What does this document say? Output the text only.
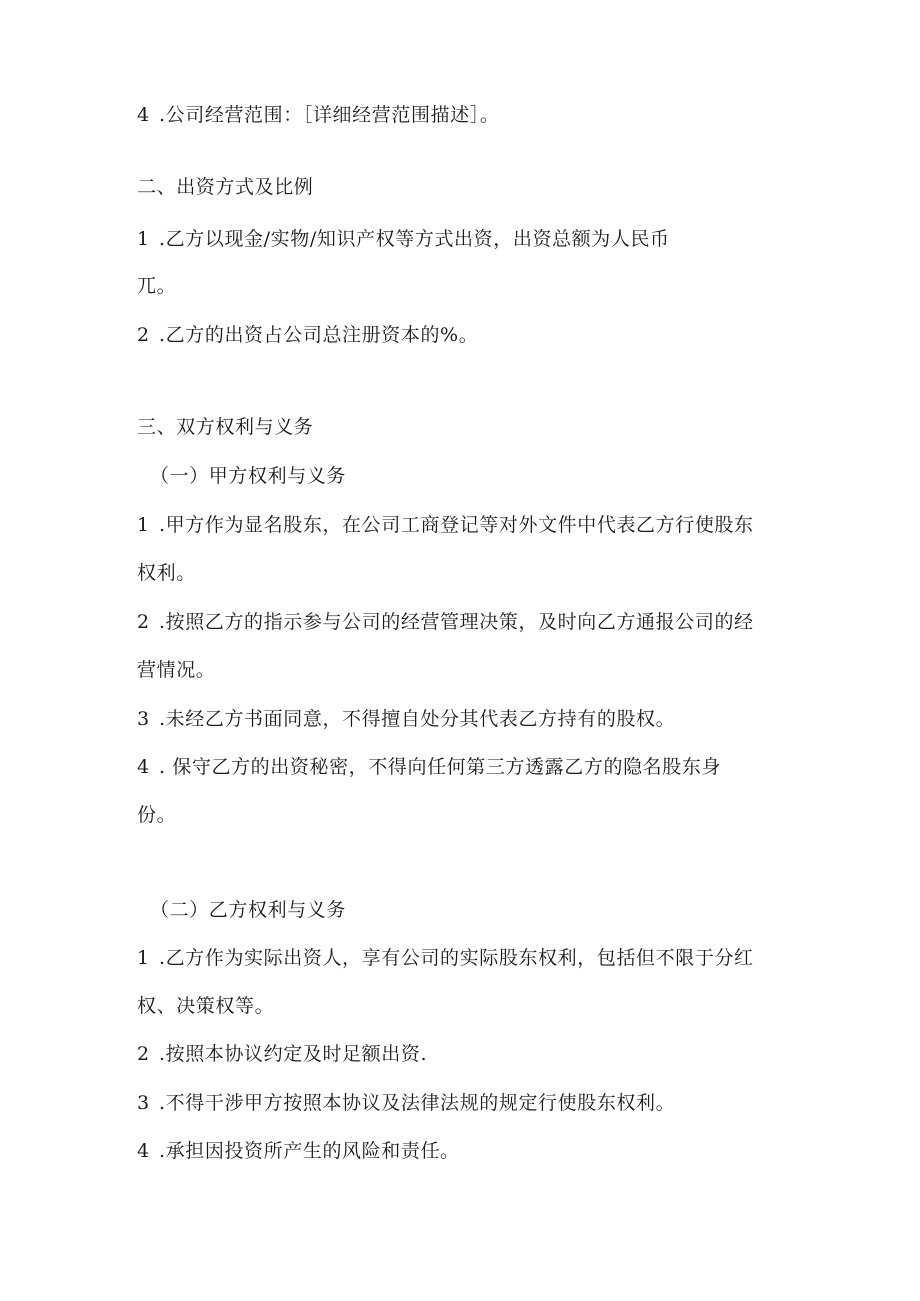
4 .公司经营范围：［详细经营范围描述］。
二、出资方式及比例
1 .乙方以现金/实物/知识产权等方式出资，出资总额为人民币
兀。
2 .乙方的出资占公司总注册资本的%。
三、双方权利与义务
（一）甲方权利与义务
1 .甲方作为显名股东，在公司工商登记等对外文件中代表乙方行使股东
权利。
2 .按照乙方的指示参与公司的经营管理决策，及时向乙方通报公司的经
营情况。
3 .未经乙方书面同意，不得擅自处分其代表乙方持有的股权。
4 . 保守乙方的出资秘密，不得向任何第三方透露乙方的隐名股东身
份。
（二）乙方权利与义务
1 .乙方作为实际出资人，享有公司的实际股东权利，包括但不限于分红
权、决策权等。
2 .按照本协议约定及时足额出资.
3 .不得干涉甲方按照本协议及法律法规的规定行使股东权利。
4 .承担因投资所产生的风险和责任。
